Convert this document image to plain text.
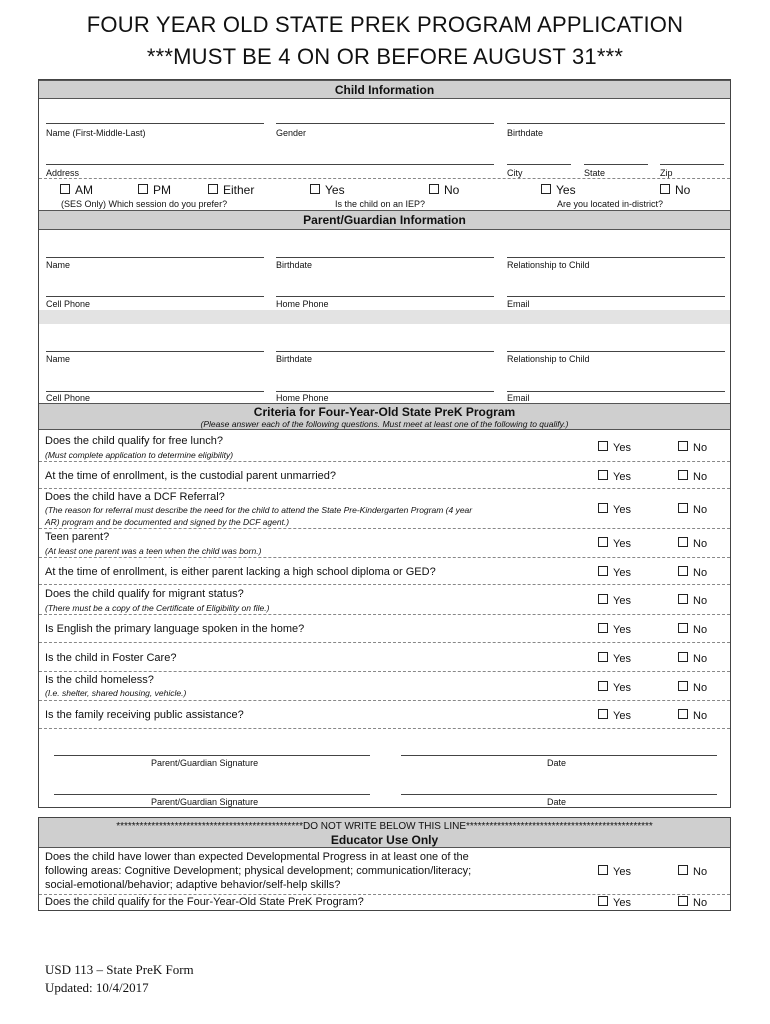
FOUR YEAR OLD STATE PREK PROGRAM APPLICATION
***MUST BE 4 ON OR BEFORE AUGUST 31***
Child Information
Name (First-Middle-Last)	Gender	Birthdate
Address	City	State	Zip
AM	PM	Either
(SES Only) Which session do you prefer?
Yes	No
Is the child on an IEP?
Yes	No
Are you located in-district?
Parent/Guardian Information
Name	Birthdate	Relationship to Child
Cell Phone	Home Phone	Email
Name	Birthdate	Relationship to Child
Cell Phone	Home Phone	Email
Criteria for Four-Year-Old State PreK Program
(Please answer each of the following questions. Must meet at least one of the following to qualify.)
Does the child qualify for free lunch?
(Must complete application to determine eligibility)
Yes	No
At the time of enrollment, is the custodial parent unmarried?	Yes	No
Does the child have a DCF Referral?
(The reason for referral must describe the need for the child to attend the State Pre-Kindergarten Program (4 year
AR) program and be documented and signed by the DCF agent.)
Yes	No
Teen parent?
(At least one parent was a teen when the child was born.)
Yes	No
At the time of enrollment, is either parent lacking a high school diploma or GED?	Yes	No
Does the child qualify for migrant status?
(There must be a copy of the Certificate of Eligibility on file.)
Yes	No
Is English the primary language spoken in the home?	Yes	No
Is the child in Foster Care?	Yes	No
Is the child homeless?
(I.e. shelter, shared housing, vehicle.)	Yes	No
Is the family receiving public assistance?	Yes	No
Parent/Guardian Signature	Date
Parent/Guardian Signature	Date
************************************************DO NOT WRITE BELOW THIS LINE************************************************
Educator Use Only
Does the child have lower than expected Developmental Progress in at least one of the
following areas: Cognitive Development; physical development; communication/literacy;
social-emotional/behavior; adaptive behavior/self-help skills?
Yes	No
Does the child qualify for the Four-Year-Old State PreK Program?	Yes	No
USD 113 – State PreK Form
Updated: 10/4/2017
